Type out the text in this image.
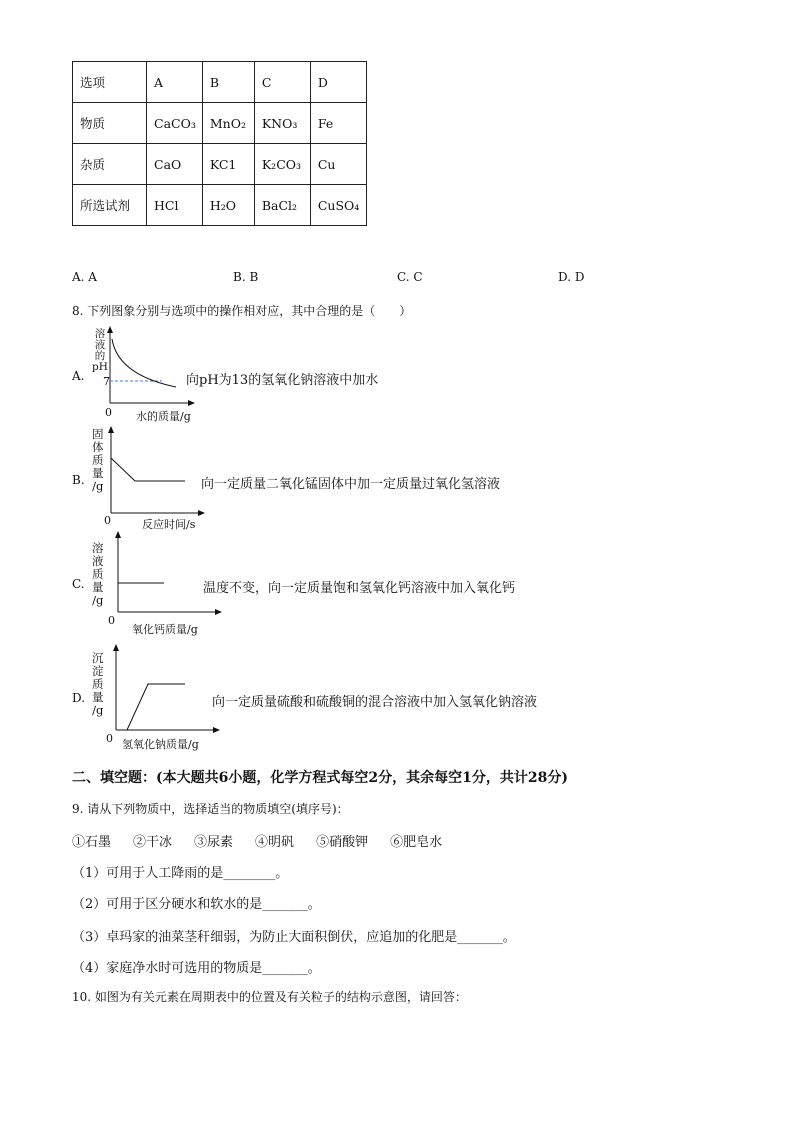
选项	A	B	C	D
物质	CaCO₃	MnO₂	KNO₃	Fe
杂质	CaO	KC1	K₂CO₃	Cu
所选试剂	HCl	H₂O	BaCl₂	CuSO₄
A. A	B. B	C. C	D. D
8. 下列图象分别与选项中的操作相对应，其中合理的是（　　）
A.
溶
液
的
pH
7
0 水的质量/g
向pH为13的氢氧化钠溶液中加水
B.
固
体
质
量
/g
0	反应时间/s
向一定质量二氧化锰固体中加一定质量过氧化氢溶液
C.
溶
液
质
量
/g
0
氧化钙质量/g
温度不变，向一定质量饱和氢氧化钙溶液中加入氧化钙
D.
沉
淀
质
量
/g
0 氢氧化钠质量/g
向一定质量硫酸和硫酸铜的混合溶液中加入氢氧化钠溶液
二、填空题：(本大题共6小题，化学方程式每空2分，其余每空1分，共计28分)
9. 请从下列物质中，选择适当的物质填空(填序号)：
①石墨 ②干冰 ③尿素 ④明矾 ⑤硝酸钾 ⑥肥皂水
（1）可用于人工降雨的是________。
（2）可用于区分硬水和软水的是_______。
（3）卓玛家的油菜茎秆细弱，为防止大面积倒伏，应追加的化肥是_______。
（4）家庭净水时可选用的物质是_______。
10. 如图为有关元素在周期表中的位置及有关粒子的结构示意图，请回答：
